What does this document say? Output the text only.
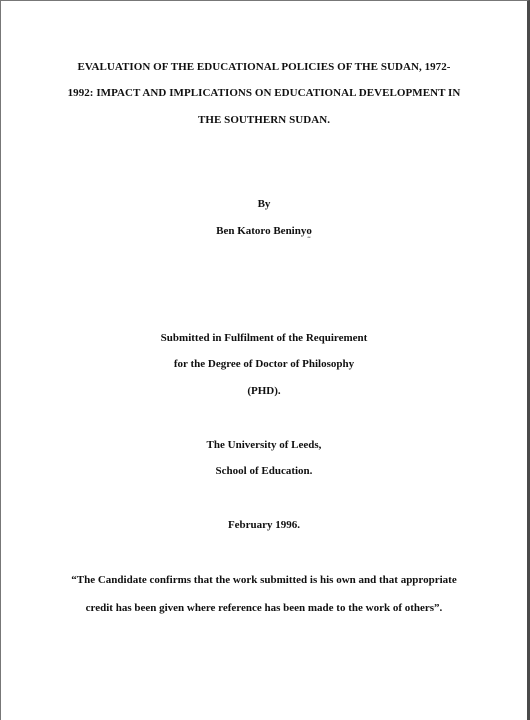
EVALUATION OF THE EDUCATIONAL POLICIES OF THE SUDAN, 1972-
1992: IMPACT AND IMPLICATIONS ON EDUCATIONAL DEVELOPMENT IN
THE SOUTHERN SUDAN.
By
Ben Katoro Beninyo
‘‘
Submitted in Fulfilment of the Requirement
for the Degree of Doctor of Philosophy
(PHD).
The University of Leeds,
School of Education.
February 1996.
“The Candidate confirms that the work submitted is his own and that appropriate
credit has been given where reference has been made to the work of others”.
